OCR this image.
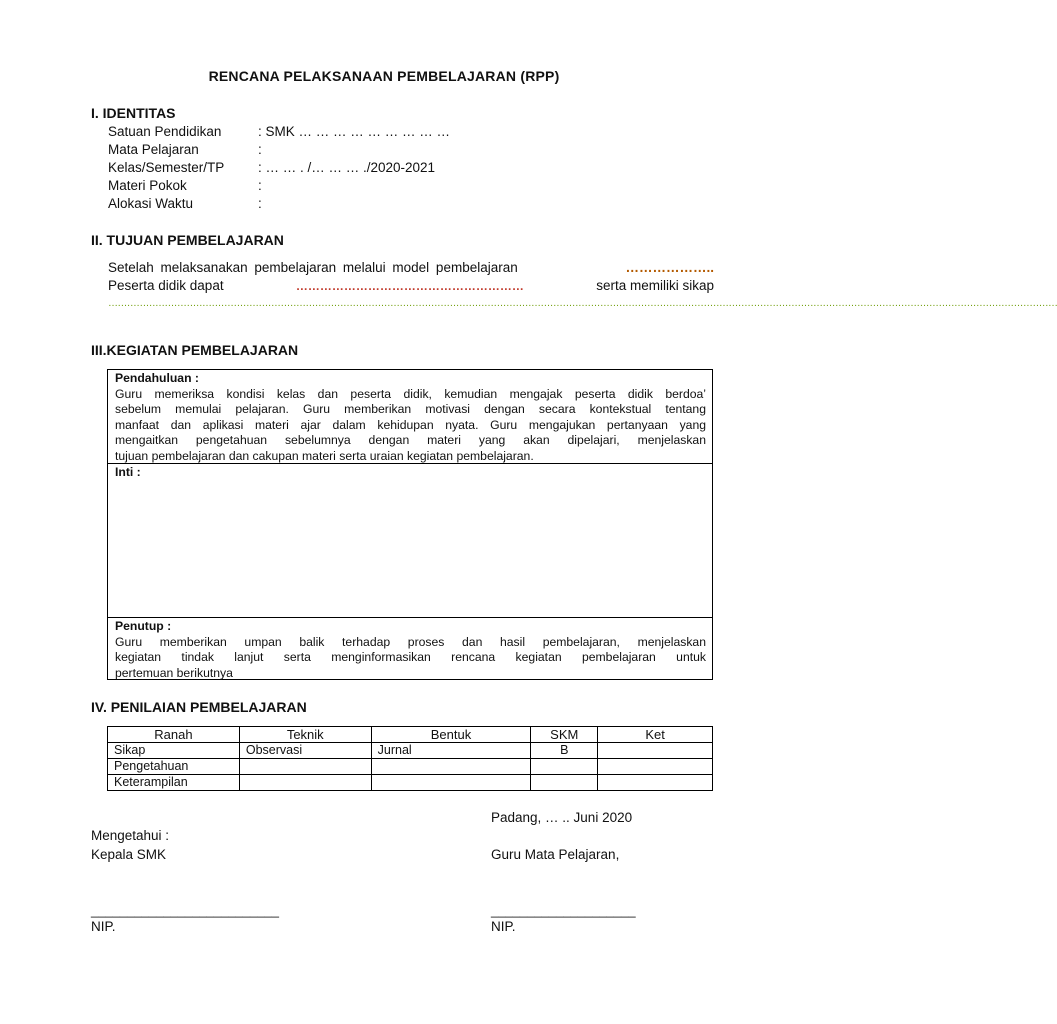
RENCANA PELAKSANAAN PEMBELAJARAN (RPP)
I. IDENTITAS
Satuan Pendidikan	: SMK … … … … … … … … …
Mata Pelajaran	:
Kelas/Semester/TP : … … . /… … … ./2020-2021
Materi Pokok	:
Alokasi Waktu	:
II. TUJUAN PEMBELAJARAN
Setelah melaksanakan pembelajaran melalui model pembelajaran	………………..
Peserta didik dapat	…………………………………………………	serta memiliki sikap
……………………………………………………………………………………………………………………………………………………………………………………………………………………………………………………………………………
III.KEGIATAN PEMBELAJARAN
Pendahuluan :
Guru memeriksa kondisi kelas dan peserta didik, kemudian mengajak peserta didik berdoa’
sebelum memulai pelajaran. Guru memberikan motivasi dengan secara kontekstual tentang
manfaat dan aplikasi materi ajar dalam kehidupan nyata. Guru mengajukan pertanyaan yang
mengaitkan pengetahuan sebelumnya dengan materi yang akan dipelajari, menjelaskan
tujuan pembelajaran dan cakupan materi serta uraian kegiatan pembelajaran.
Inti :
Penutup :
Guru memberikan umpan balik terhadap proses dan hasil pembelajaran, menjelaskan
kegiatan tindak lanjut serta menginformasikan rencana kegiatan pembelajaran untuk
pertemuan berikutnya
IV. PENILAIAN PEMBELAJARAN
Ranah	Teknik	Bentuk	SKM	Ket
Sikap	Observasi	Jurnal	B	
Pengetahuan				
Keterampilan				
Padang, … .. Juni 2020
Mengetahui :
Kepala SMK	Guru Mata Pelajaran,
__________________________	____________________
NIP.	NIP.
